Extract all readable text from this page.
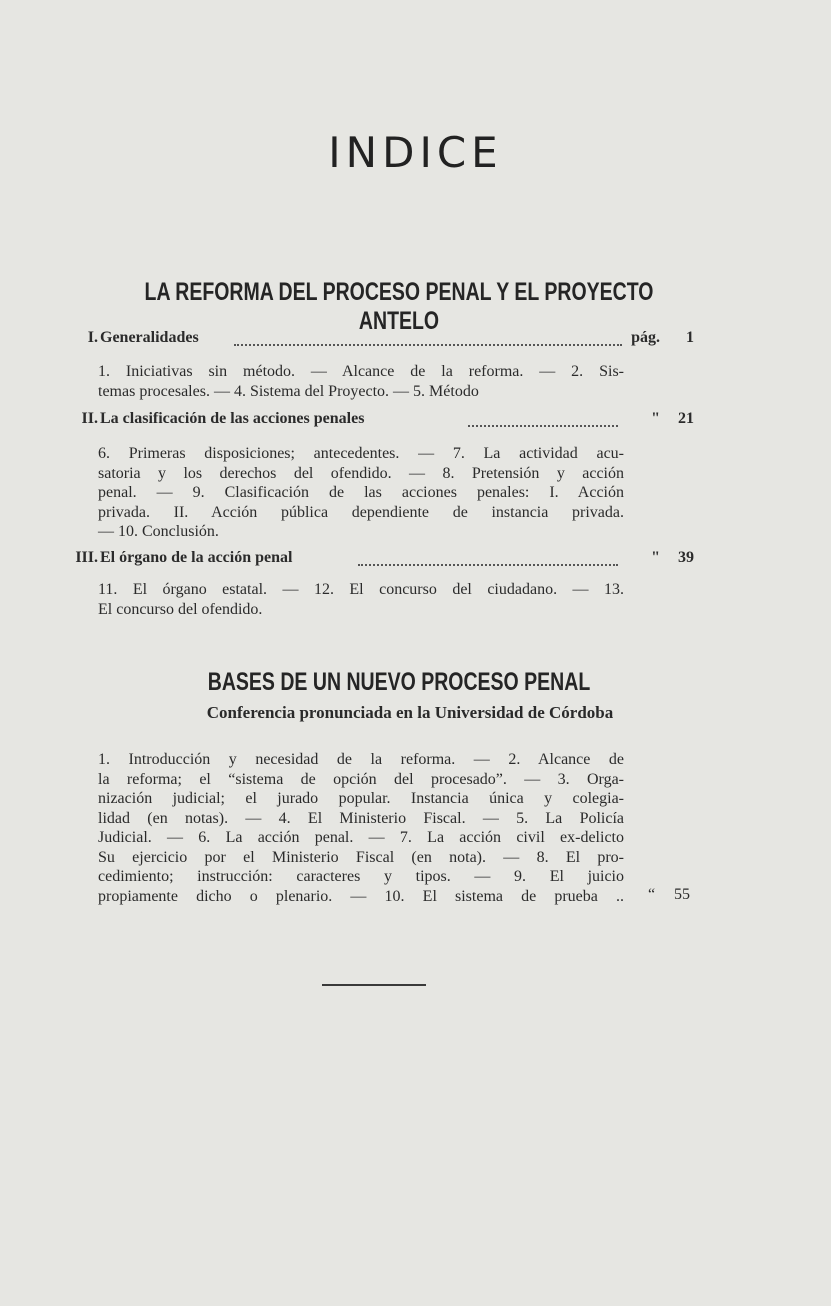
INDICE
LA REFORMA DEL PROCESO PENAL Y EL PROYECTO ANTELO
I. Generalidades	pág.	1
1. Iniciativas sin método. — Alcance de la reforma. — 2. Sis-
temas procesales. — 4. Sistema del Proyecto. — 5. Método
II. La clasificación de las acciones penales	"	21
6. Primeras disposiciones; antecedentes. — 7. La actividad acu-
satoria y los derechos del ofendido. — 8. Pretensión y acción
penal. — 9. Clasificación de las acciones penales: I. Acción
privada. II. Acción pública dependiente de instancia privada.
— 10. Conclusión.
III. El órgano de la acción penal	"	39
11. El órgano estatal. — 12. El concurso del ciudadano. — 13.
El concurso del ofendido.
BASES DE UN NUEVO PROCESO PENAL
Conferencia pronunciada en la Universidad de Córdoba
1. Introducción y necesidad de la reforma. — 2. Alcance de
la reforma; el “sistema de opción del procesado”. — 3. Orga-
nización judicial; el jurado popular. Instancia única y colegia-
lidad (en notas). — 4. El Ministerio Fiscal. — 5. La Policía
Judicial. — 6. La acción penal. — 7. La acción civil ex-delicto
Su ejercicio por el Ministerio Fiscal (en nota). — 8. El pro-
cedimiento; instrucción: caracteres y tipos. — 9. El juicio
propiamente dicho o plenario. — 10. El sistema de prueba .. “ 55
